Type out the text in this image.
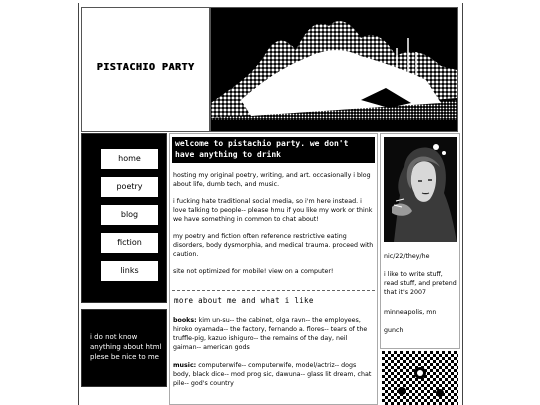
PISTACHIO PARTY
home
poetry
blog
fiction
links
i do not know anything about html plese be nice to me
welcome to pistachio party. we don't have anything to drink

hosting my original poetry, writing, and art. occasionally i blog about life, dumb tech, and music.

i fucking hate traditional social media, so i'm here instead. i love talking to people-- please hmu if you like my work or think we have something in common to chat about!

my poetry and fiction often reference restrictive eating disorders, body dysmorphia, and medical trauma. proceed with caution.

site not optimized for mobile! view on a computer!

more about me and what i like

books: kim un-su-- the cabinet, olga ravn-- the employees, hiroko oyamada-- the factory, fernando a. flores-- tears of the truffle-pig, kazuo ishiguro-- the remains of the day, neil gaiman-- american gods

music: computerwife-- computerwife, model/actriz-- dogs body, black dice-- mod prog sic, dawuna-- glass lit dream, chat pile-- god's country

nic/22/they/he
i like to write stuff, read stuff, and pretend that it's 2007
minneapolis, mn
gunch
